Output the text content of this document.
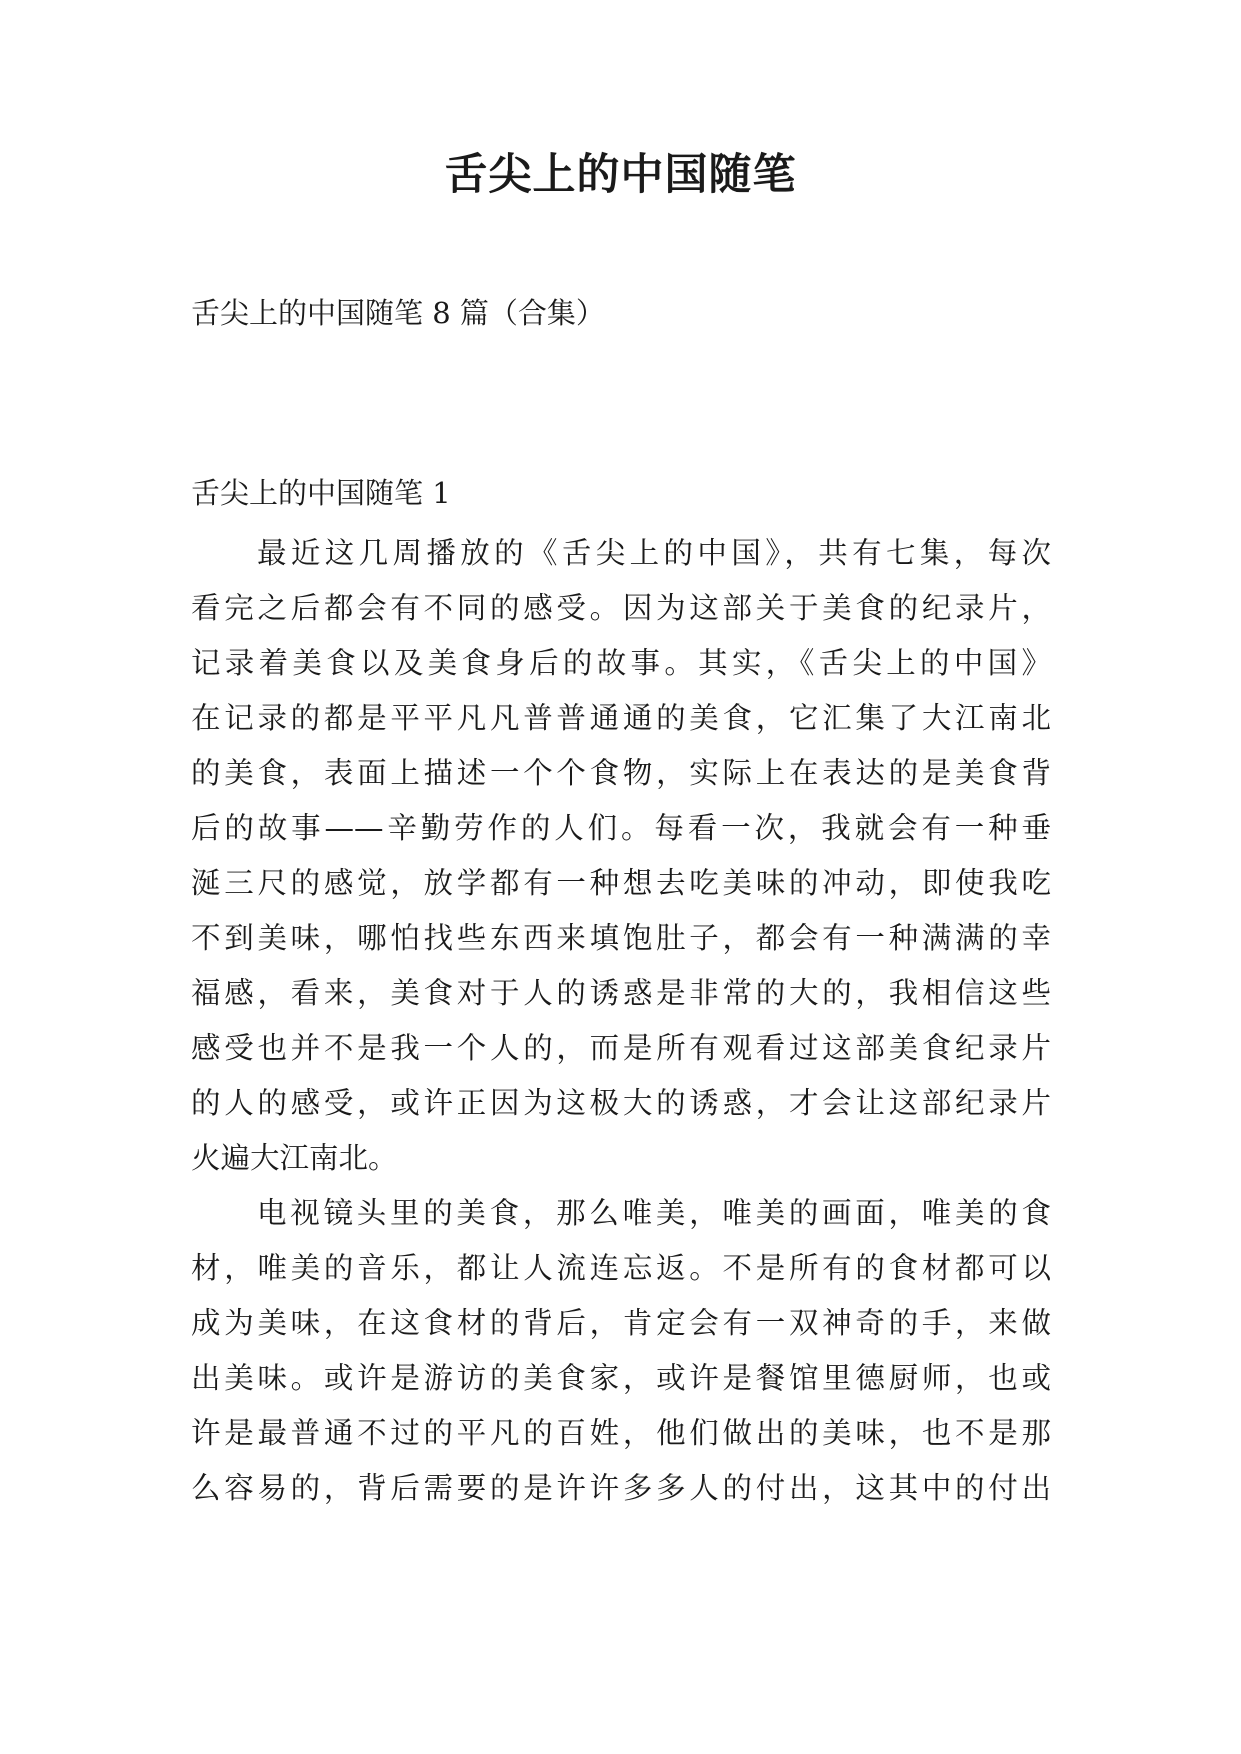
舌尖上的中国随笔
舌尖上的中国随笔 8 篇（合集）
舌尖上的中国随笔 1
最近这几周播放的《舌尖上的中国》，共有七集，每次
看完之后都会有不同的感受。因为这部关于美食的纪录片，
记录着美食以及美食身后的故事。其实，《舌尖上的中国》
在记录的都是平平凡凡普普通通的美食，它汇集了大江南北
的美食，表面上描述一个个食物，实际上在表达的是美食背
后的故事——辛勤劳作的人们。每看一次，我就会有一种垂
涎三尺的感觉，放学都有一种想去吃美味的冲动，即使我吃
不到美味，哪怕找些东西来填饱肚子，都会有一种满满的幸
福感，看来，美食对于人的诱惑是非常的大的，我相信这些
感受也并不是我一个人的，而是所有观看过这部美食纪录片
的人的感受，或许正因为这极大的诱惑，才会让这部纪录片
火遍大江南北。
电视镜头里的美食，那么唯美，唯美的画面，唯美的食
材，唯美的音乐，都让人流连忘返。不是所有的食材都可以
成为美味，在这食材的背后，肯定会有一双神奇的手，来做
出美味。或许是游访的美食家，或许是餐馆里德厨师，也或
许是最普通不过的平凡的百姓，他们做出的美味，也不是那
么容易的，背后需要的是许许多多人的付出，这其中的付出
